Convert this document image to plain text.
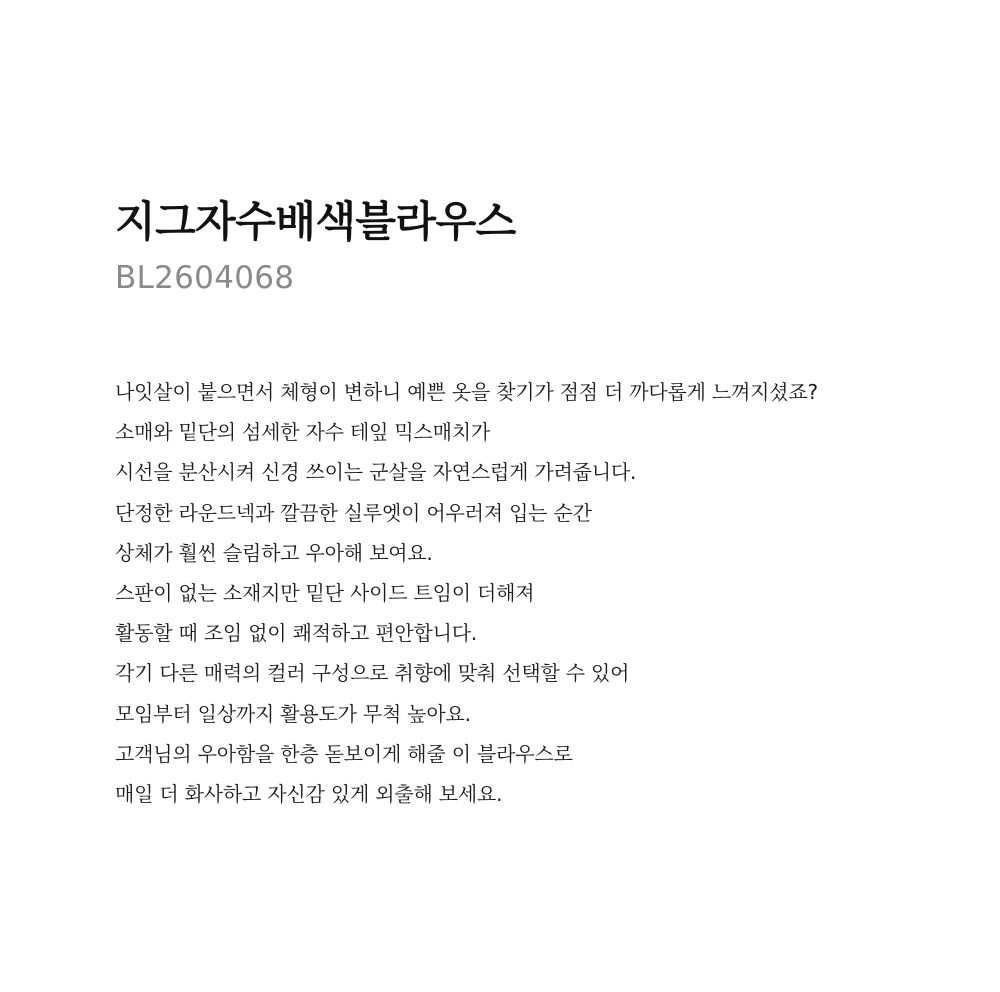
지그자수배색블라우스

BL2604068

나잇살이 붙으면서 체형이 변하니 예쁜 옷을 찾기가 점점 더 까다롭게 느껴지셨죠?

소매와 밑단의 섬세한 자수 테잎 믹스매치가

시선을 분산시켜 신경 쓰이는 군살을 자연스럽게 가려줍니다.

단정한 라운드넥과 깔끔한 실루엣이 어우러져 입는 순간

상체가 훨씬 슬림하고 우아해 보여요.

스판이 없는 소재지만 밑단 사이드 트임이 더해져

활동할 때 조임 없이 쾌적하고 편안합니다.

각기 다른 매력의 컬러 구성으로 취향에 맞춰 선택할 수 있어

모임부터 일상까지 활용도가 무척 높아요.

고객님의 우아함을 한층 돋보이게 해줄 이 블라우스로

매일 더 화사하고 자신감 있게 외출해 보세요.
